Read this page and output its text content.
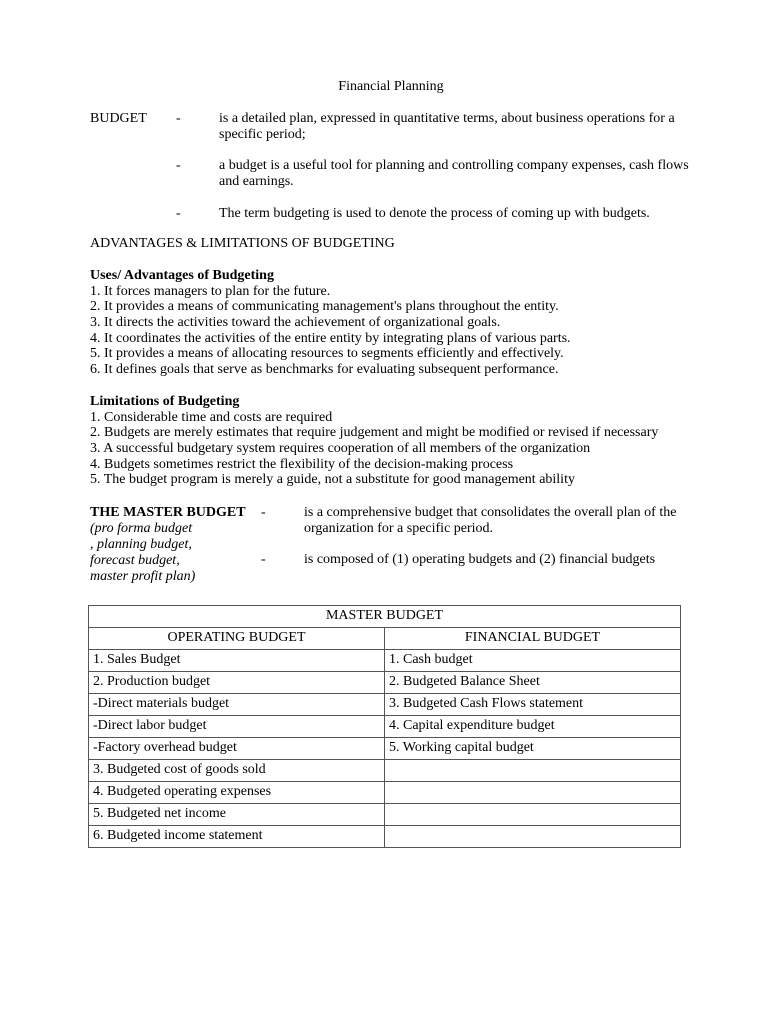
Financial Planning
BUDGET -	is a detailed plan, expressed in quantitative terms, about business operations for a specific period;
-	a budget is a useful tool for planning and controlling company expenses, cash flows and earnings.
-	The term budgeting is used to denote the process of coming up with budgets.
ADVANTAGES & LIMITATIONS OF BUDGETING
Uses/ Advantages of Budgeting
1. It forces managers to plan for the future.
2. It provides a means of communicating management's plans throughout the entity.
3. It directs the activities toward the achievement of organizational goals.
4. It coordinates the activities of the entire entity by integrating plans of various parts.
5. It provides a means of allocating resources to segments efficiently and effectively.
6. It defines goals that serve as benchmarks for evaluating subsequent performance.
Limitations of Budgeting
1. Considerable time and costs are required
2. Budgets are merely estimates that require judgement and might be modified or revised if necessary
3. A successful budgetary system requires cooperation of all members of the organization
4. Budgets sometimes restrict the flexibility of the decision-making process
5. The budget program is merely a guide, not a substitute for good management ability
THE MASTER BUDGET
(pro forma budget
, planning budget,
forecast budget,
master profit plan)
-	is a comprehensive budget that consolidates the overall plan of the organization for a specific period.
-	is composed of (1) operating budgets and (2) financial budgets
MASTER BUDGET	
OPERATING BUDGET	FINANCIAL BUDGET
1. Sales Budget	1. Cash budget
2. Production budget	2. Budgeted Balance Sheet
-Direct materials budget	3. Budgeted Cash Flows statement
-Direct labor budget	4. Capital expenditure budget
-Factory overhead budget	5. Working capital budget
3. Budgeted cost of goods sold	
4. Budgeted operating expenses	
5. Budgeted net income	
6. Budgeted income statement	
